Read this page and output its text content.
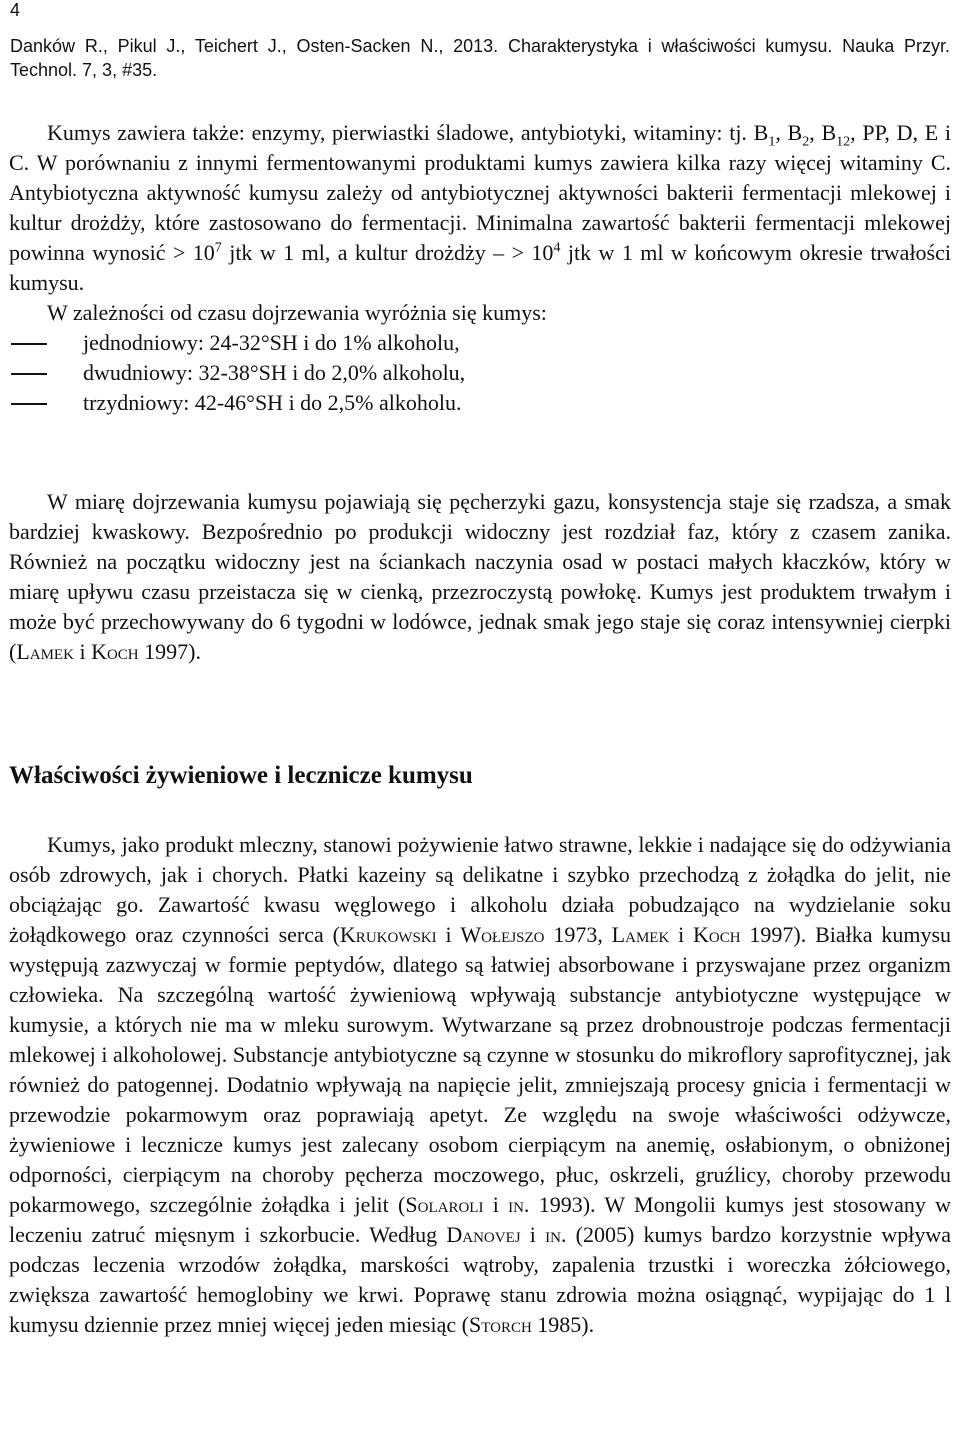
4
Danków R., Pikul J., Teichert J., Osten-Sacken N., 2013. Charakterystyka i właściwości kumysu. Nauka Przyr. Technol. 7, 3, #35.

Kumys zawiera także: enzymy, pierwiastki śladowe, antybiotyki, witaminy: tj. $B_1$, $B_2$, $B_{12}$, PP, D, E i C. W porównaniu z innymi fermentowanymi produktami kumys zawiera kilka razy więcej witaminy C. Antybiotyczna aktywność kumysu zależy od antybiotycznej aktywności bakterii fermentacji mlekowej i kultur drożdży, które zastosowano do fermentacji. Minimalna zawartość bakterii fermentacji mlekowej powinna wynosić > $10^7$ jtk w 1 ml, a kultur drożdży – > $10^4$ jtk w 1 ml w końcowym okresie trwałości kumysu.

W zależności od czasu dojrzewania wyróżnia się kumys:

jednodniowy: 24-32°SH i do 1% alkoholu,
dwudniowy: 32-38°SH i do 2,0% alkoholu,
trzydniowy: 42-46°SH i do 2,5% alkoholu.

W miarę dojrzewania kumysu pojawiają się pęcherzyki gazu, konsystencja staje się rzadsza, a smak bardziej kwaskowy. Bezpośrednio po produkcji widoczny jest rozdział faz, który z czasem zanika. Również na początku widoczny jest na ściankach naczynia osad w postaci małych kłaczków, który w miarę upływu czasu przeistacza się w cienką, przezroczystą powłokę. Kumys jest produktem trwałym i może być przechowywany do 6 tygodni w lodówce, jednak smak jego staje się coraz intensywniej cierpki (Lamek i Koch 1997).

Właściwości żywieniowe i lecznicze kumysu

Kumys, jako produkt mleczny, stanowi pożywienie łatwo strawne, lekkie i nadające się do odżywiania osób zdrowych, jak i chorych. Płatki kazeiny są delikatne i szybko przechodzą z żołądka do jelit, nie obciążając go. Zawartość kwasu węglowego i alkoholu działa pobudzająco na wydzielanie soku żołądkowego oraz czynności serca (Krukowski i Wołejszo 1973, Lamek i Koch 1997). Białka kumysu występują zazwyczaj w formie peptydów, dlatego są łatwiej absorbowane i przyswajane przez organizm człowieka. Na szczególną wartość żywieniową wpływają substancje antybiotyczne występujące w kumysie, a których nie ma w mleku surowym. Wytwarzane są przez drobnoustroje podczas fermentacji mlekowej i alkoholowej. Substancje antybiotyczne są czynne w stosunku do mikroflory saprofitycznej, jak również do patogennej. Dodatnio wpływają na napięcie jelit, zmniejszają procesy gnicia i fermentacji w przewodzie pokarmowym oraz poprawiają apetyt. Ze względu na swoje właściwości odżywcze, żywieniowe i lecznicze kumys jest zalecany osobom cierpiącym na anemię, osłabionym, o obniżonej odporności, cierpiącym na choroby pęcherza moczowego, płuc, oskrzeli, gruźlicy, choroby przewodu pokarmowego, szczególnie żołądka i jelit (Solaroli i in. 1993). W Mongolii kumys jest stosowany w leczeniu zatruć mięsnym i szkorbucie. Według Danovej i in. (2005) kumys bardzo korzystnie wpływa podczas leczenia wrzodów żołądka, marskości wątroby, zapalenia trzustki i woreczka żółciowego, zwiększa zawartość hemoglobiny we krwi. Poprawę stanu zdrowia można osiągnąć, wypijając do 1 l kumysu dziennie przez mniej więcej jeden miesiąc (Storch 1985).
